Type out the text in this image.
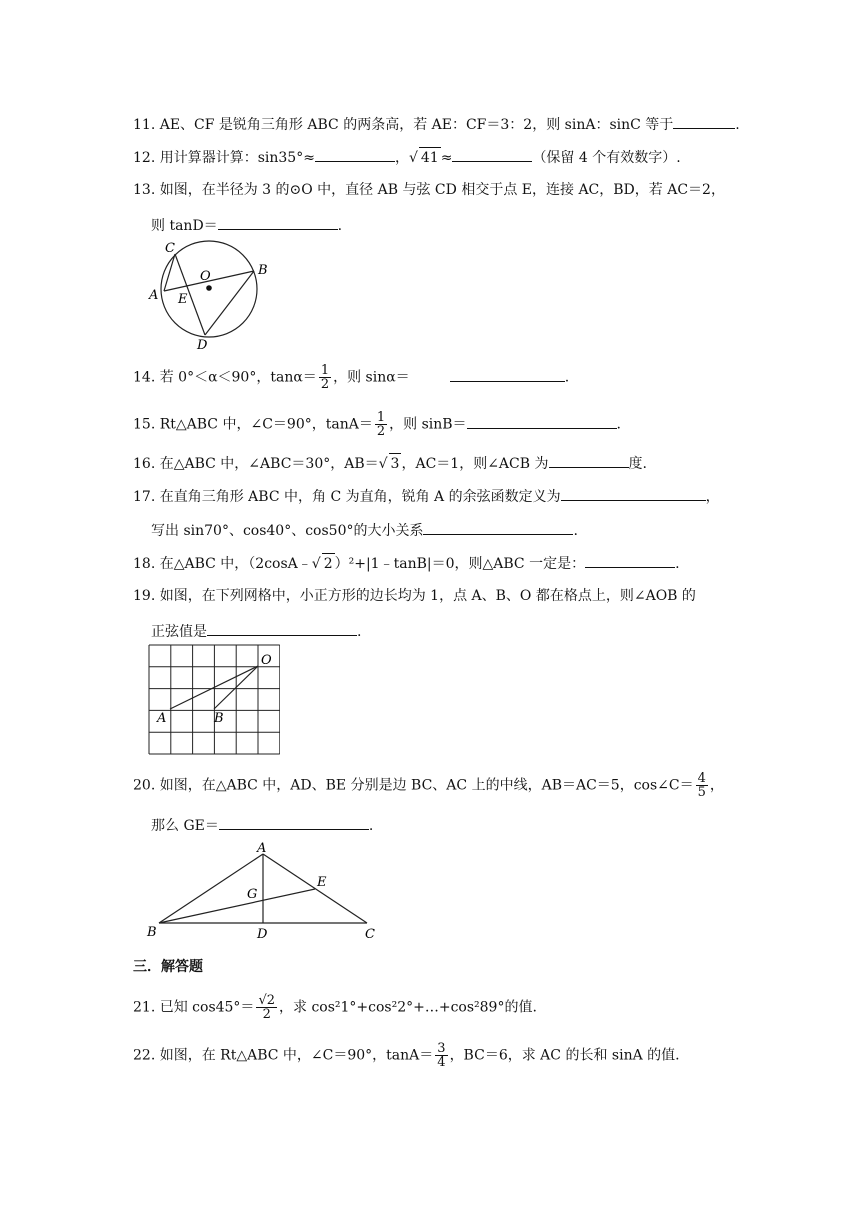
11. AE、CF 是锐角三角形 ABC 的两条高，若 AE：CF＝3：2，则 sinA：sinC 等于	.
12. 用计算器计算：sin35°≈	，√ 41 ≈	（保留 4 个有效数字）.
13. 如图，在半径为 3 的⊙O 中，直径 AB 与弦 CD 相交于点 E，连接 AC，BD，若 AC＝2，
则 tanD＝	.
C
O	B
A E
D
14. 若 0°＜α＜90°，$\tan\alpha= \frac{1}{2}$ ，则 sinα＝	.
15. Rt△ABC 中，∠C＝90°，$\tan A= \frac{1}{2}$ ，则 sinB＝	.
16. 在△ABC 中，∠ABC＝30°，AB＝√ 3 ，AC＝1，则∠ACB 为	度.
17. 在直角三角形 ABC 中，角 C 为直角，锐角 A 的余弦函数定义为	，
写出 sin70°、cos40°、cos50°的大小关系	.
18. 在△ABC 中，（2cosA﹣√ 2 ）²+|1﹣tanB|＝0，则△ABC 一定是：	.
19. 如图，在下列网格中，小正方形的边长均为 1，点 A、B、O 都在格点上，则∠AOB 的
正弦值是	.
O
A	B
20. 如图，在△ABC 中，AD、BE 分别是边 BC、AC 上的中线，AB＝AC＝5，cos∠C＝ $\frac{4}{5}$ ，
那么 GE＝	.
A
G
E
B	D	C
三．解答题
21. 已知 $\cos 45^\circ= \frac{√2}{2}$ ，求 cos²1°+cos²2°+…+cos²89°的值.
22. 如图，在 Rt△ABC 中，∠C＝90°，$\tan A= \frac{3}{4}$ ，BC＝6，求 AC 的长和 sinA 的值.
